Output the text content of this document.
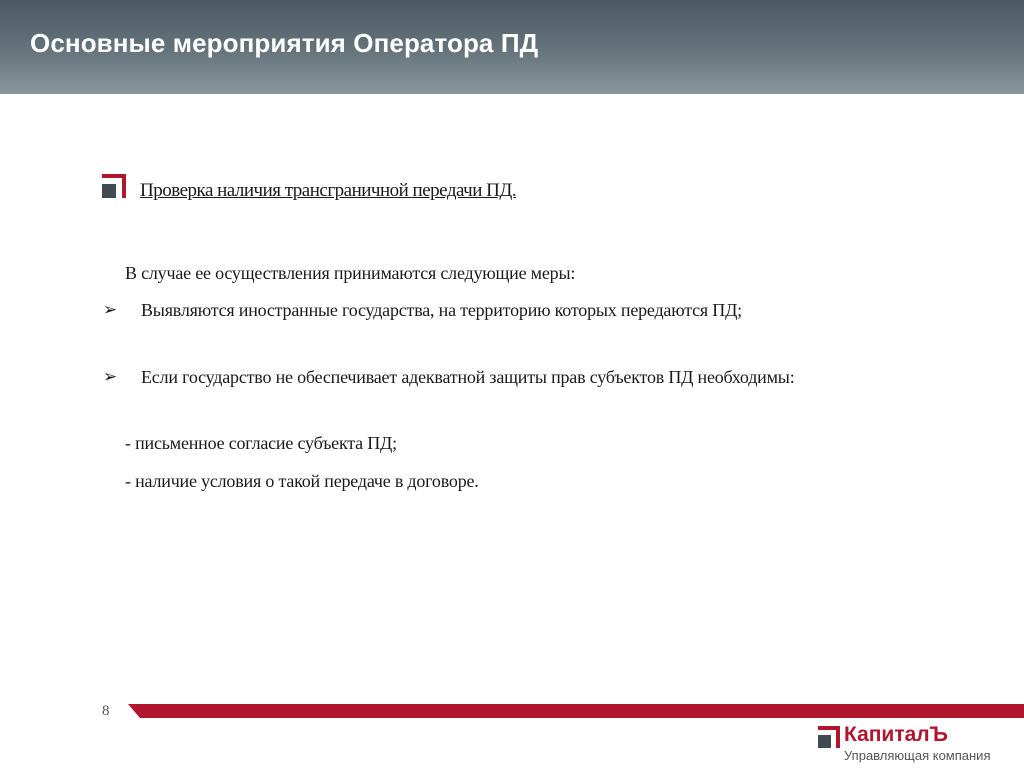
Основные мероприятия Оператора ПД
Проверка наличия трансграничной передачи ПД.
В случае ее осуществления принимаются следующие меры:
➢	Выявляются иностранные государства, на территорию которых передаются ПД;
➢	Если государство не обеспечивает адекватной защиты прав субъектов ПД необходимы:
- письменное согласие субъекта ПД;
- наличие условия о такой передаче в договоре.
8
КапиталЪ
Управляющая компания
